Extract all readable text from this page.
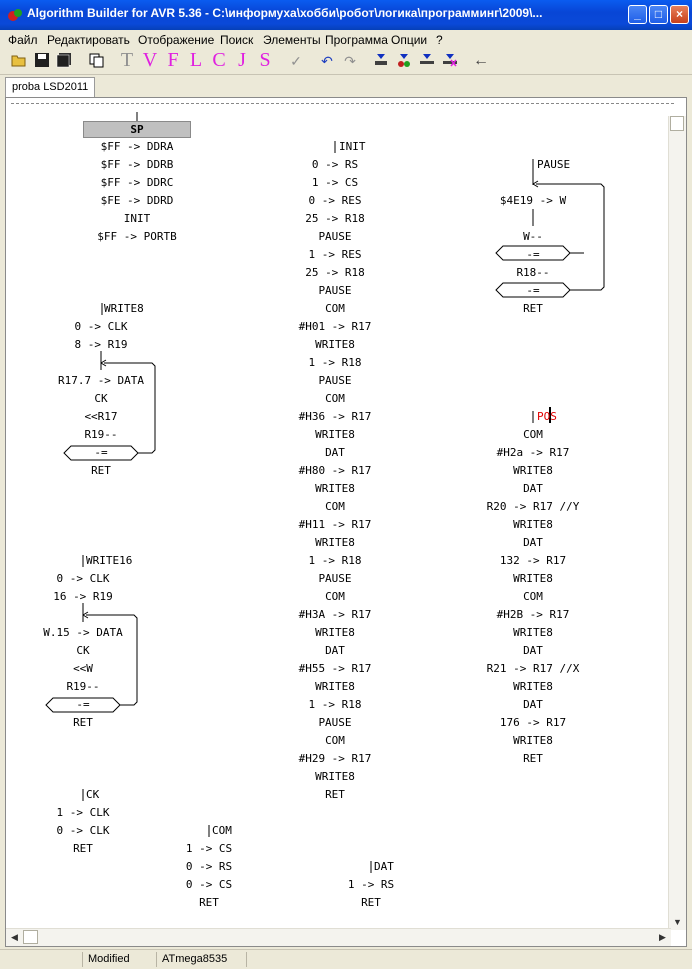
Algorithm Builder for AVR 5.36 - C:\информуха\хобби\робот\логика\программинг\2009\...	_	□	×
Файл Редактировать Отображение Поиск Элементы Программа Опции ?
T V F L C J S ✓ ↶ ↷	←
proba LSD2011
SP
$FF -> DDRA
$FF -> DDRB
$FF -> DDRC
$FE -> DDRD
INIT
$FF -> PORTB
INIT
0 -> RS
1 -> CS
0 -> RES
25 -> R18
PAUSE
1 -> RES
25 -> R18
PAUSE
COM
#H01 -> R17
WRITE8
1 -> R18
PAUSE
COM
#H36 -> R17
WRITE8
DAT
#H80 -> R17
WRITE8
COM
#H11 -> R17
WRITE8
1 -> R18
PAUSE
COM
#H3A -> R17
WRITE8
DAT
#H55 -> R17
WRITE8
1 -> R18
PAUSE
COM
#H29 -> R17
WRITE8
RET
PAUSE
$4E19 -> W
W--
-=
R18--
-=
RET
WRITE8
0 -> CLK
8 -> R19
R17.7 -> DATA
CK
<<R17
R19--
-=
RET
POS
COM
#H2a -> R17
WRITE8
DAT
R20 -> R17 //Y
WRITE8
DAT
132 -> R17
WRITE8
COM
#H2B -> R17
WRITE8
DAT
R21 -> R17 //X
WRITE8
DAT
176 -> R17
WRITE8
RET
WRITE16
0 -> CLK
16 -> R19
W.15 -> DATA
CK
<<W
R19--
-=
RET
CK
1 -> CLK
0 -> CLK
RET
COM
1 -> CS
0 -> RS
0 -> CS
RET
DAT
1 -> RS
RET
▼
◀	▶
Modified	ATmega8535
